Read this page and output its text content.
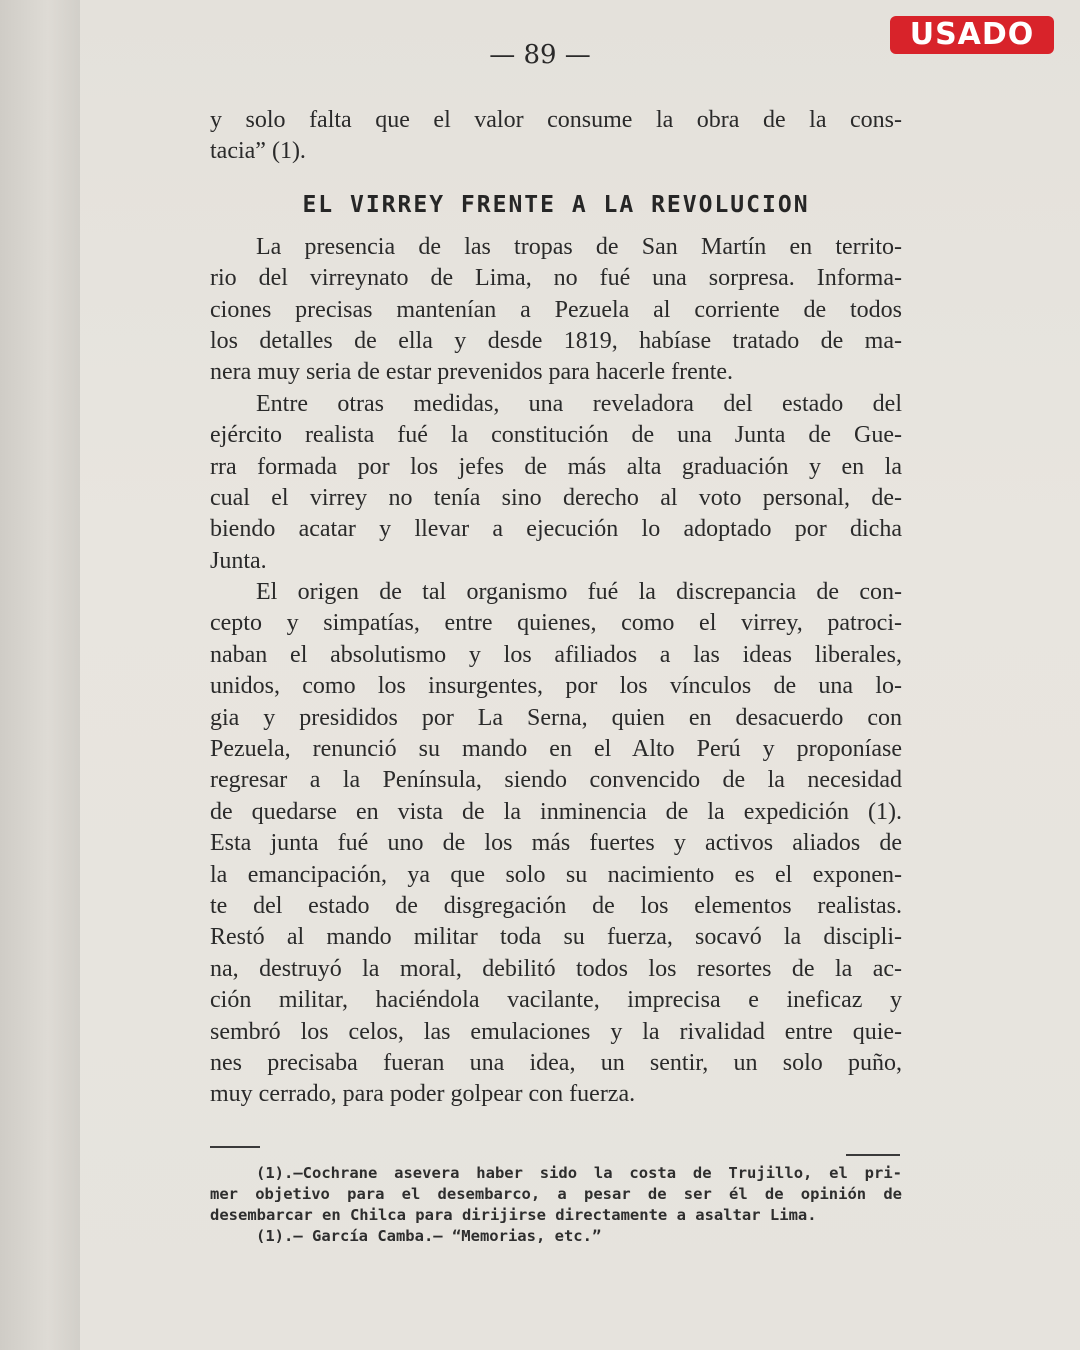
USADO
— 89 —
y solo falta que el valor consume la obra de la cons-
tacia” (1).
EL VIRREY FRENTE A LA REVOLUCION
La presencia de las tropas de San Martín en territo-
rio del virreynato de Lima, no fué una sorpresa. Informa-
ciones precisas mantenían a Pezuela al corriente de todos
los detalles de ella y desde 1819, habíase tratado de ma-
nera muy seria de estar prevenidos para hacerle frente.
Entre otras medidas, una reveladora del estado del
ejército realista fué la constitución de una Junta de Gue-
rra formada por los jefes de más alta graduación y en la
cual el virrey no tenía sino derecho al voto personal, de-
biendo acatar y llevar a ejecución lo adoptado por dicha
Junta.
El origen de tal organismo fué la discrepancia de con-
cepto y simpatías, entre quienes, como el virrey, patroci-
naban el absolutismo y los afiliados a las ideas liberales,
unidos, como los insurgentes, por los vínculos de una lo-
gia y presididos por La Serna, quien en desacuerdo con
Pezuela, renunció su mando en el Alto Perú y proponíase
regresar a la Península, siendo convencido de la necesidad
de quedarse en vista de la inminencia de la expedición (1).
Esta junta fué uno de los más fuertes y activos aliados de
la emancipación, ya que solo su nacimiento es el exponen-
te del estado de disgregación de los elementos realistas.
Restó al mando militar toda su fuerza, socavó la discipli-
na, destruyó la moral, debilitó todos los resortes de la ac-
ción militar, haciéndola vacilante, imprecisa e ineficaz y
sembró los celos, las emulaciones y la rivalidad entre quie-
nes precisaba fueran una idea, un sentir, un solo puño,
muy cerrado, para poder golpear con fuerza.
(1).—Cochrane asevera haber sido la costa de Trujillo, el pri-
mer objetivo para el desembarco, a pesar de ser él de opinión de
desembarcar en Chilca para dirijirse directamente a asaltar Lima.
(1).— García Camba.— “Memorias, etc.”
